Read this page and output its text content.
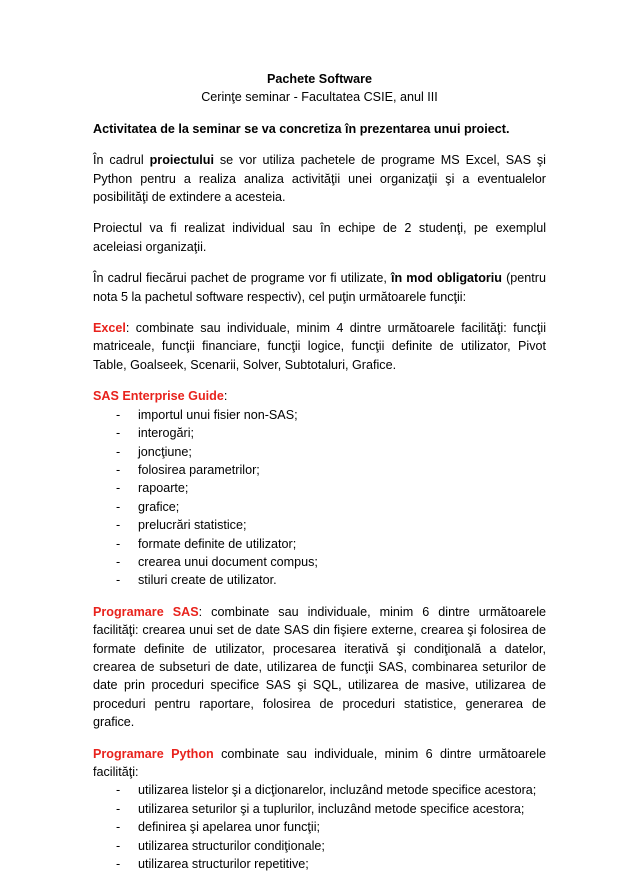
Pachete Software

Cerinţe seminar - Facultatea CSIE, anul III

Activitatea de la seminar se va concretiza în prezentarea unui proiect.

În cadrul proiectului se vor utiliza pachetele de programe MS Excel, SAS şi Python pentru a realiza analiza activităţii unei organizaţii şi a eventualelor posibilităţi de extindere a acesteia.

Proiectul va fi realizat individual sau în echipe de 2 studenţi, pe exemplul aceleiasi organizaţii.

În cadrul fiecărui pachet de programe vor fi utilizate, în mod obligatoriu (pentru nota 5 la pachetul software respectiv), cel puţin următoarele funcţii:

Excel: combinate sau individuale, minim 4 dintre următoarele facilităţi: funcţii matriceale, funcţii financiare, funcţii logice, funcţii definite de utilizator, Pivot Table, Goalseek, Scenarii, Solver, Subtotaluri, Grafice.

SAS Enterprise Guide:

- importul unui fisier non-SAS;
- interogări;
- joncţiune;
- folosirea parametrilor;
- rapoarte;
- grafice;
- prelucrări statistice;
- formate definite de utilizator;
- crearea unui document compus;
- stiluri create de utilizator.

Programare SAS: combinate sau individuale, minim 6 dintre următoarele facilităţi: crearea unui set de date SAS din fişiere externe, crearea şi folosirea de formate definite de utilizator, procesarea iterativă şi condiţională a datelor, crearea de subseturi de date, utilizarea de funcţii SAS, combinarea seturilor de date prin proceduri specifice SAS şi SQL, utilizarea de masive, utilizarea de proceduri pentru raportare, folosirea de proceduri statistice, generarea de grafice.

Programare Python combinate sau individuale, minim 6 dintre următoarele facilităţi:

- utilizarea listelor şi a dicţionarelor, incluzând metode specifice acestora;
- utilizarea seturilor şi a tuplurilor, incluzând metode specifice acestora;
- definirea şi apelarea unor funcţii;
- utilizarea structurilor condiţionale;
- utilizarea structurilor repetitive;
